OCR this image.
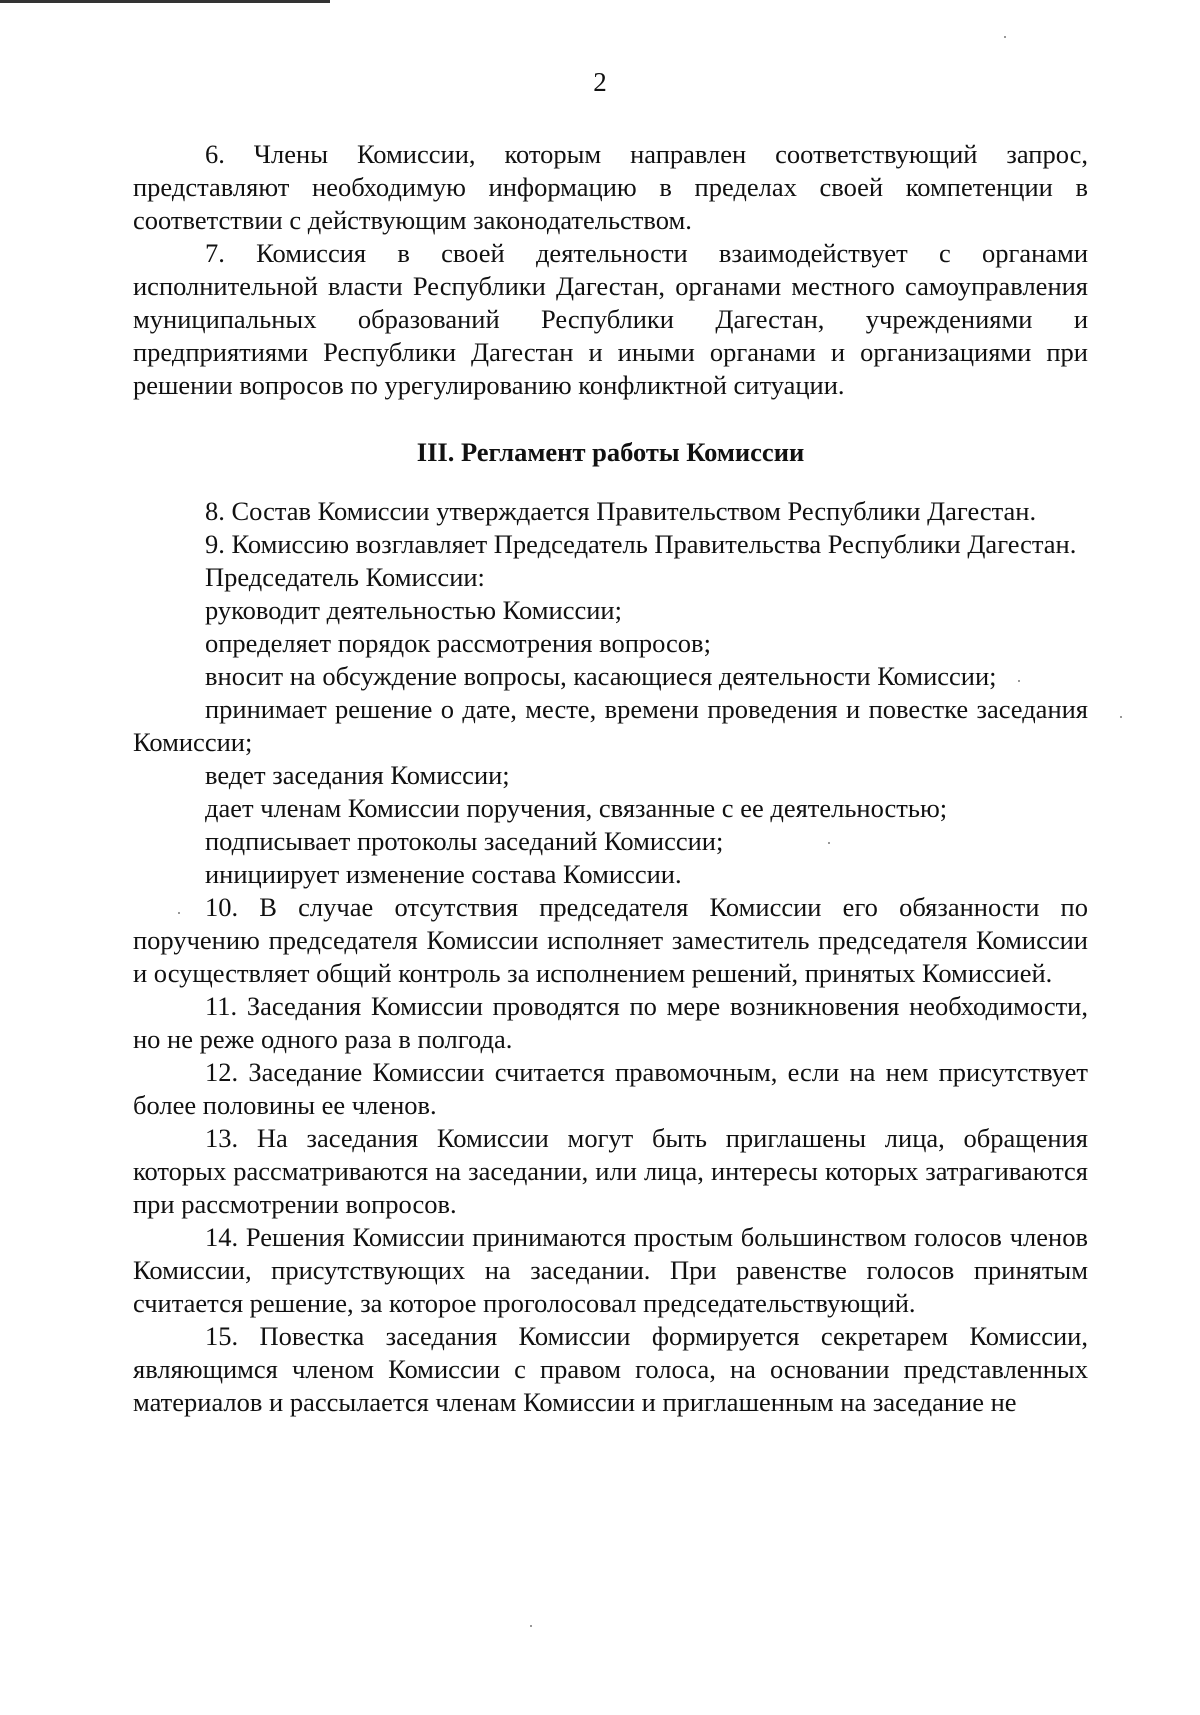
2

6. Члены Комиссии, которым направлен соответствующий запрос, представляют необходимую информацию в пределах своей компетенции в соответствии с действующим законодательством.

7. Комиссия в своей деятельности взаимодействует с органами исполнительной власти Республики Дагестан, органами местного самоуправления муниципальных образований Республики Дагестан, учреждениями и предприятиями Республики Дагестан и иными органами и организациями при решении вопросов по урегулированию конфликтной ситуации.

III. Регламент работы Комиссии

8. Состав Комиссии утверждается Правительством Республики Дагестан.

9. Комиссию возглавляет Председатель Правительства Республики Дагестан.

Председатель Комиссии:

руководит деятельностью Комиссии;

определяет порядок рассмотрения вопросов;

вносит на обсуждение вопросы, касающиеся деятельности Комиссии;

принимает решение о дате, месте, времени проведения и повестке заседания Комиссии;

ведет заседания Комиссии;

дает членам Комиссии поручения, связанные с ее деятельностью;

подписывает протоколы заседаний Комиссии;

инициирует изменение состава Комиссии.

10. В случае отсутствия председателя Комиссии его обязанности по поручению председателя Комиссии исполняет заместитель председателя Комиссии и осуществляет общий контроль за исполнением решений, принятых Комиссией.

11. Заседания Комиссии проводятся по мере возникновения необходимости, но не реже одного раза в полгода.

12. Заседание Комиссии считается правомочным, если на нем присутствует более половины ее членов.

13. На заседания Комиссии могут быть приглашены лица, обращения которых рассматриваются на заседании, или лица, интересы которых затрагиваются при рассмотрении вопросов.

14. Решения Комиссии принимаются простым большинством голосов членов Комиссии, присутствующих на заседании. При равенстве голосов принятым считается решение, за которое проголосовал председательствующий.

15. Повестка заседания Комиссии формируется секретарем Комиссии, являющимся членом Комиссии с правом голоса, на основании представленных материалов и рассылается членам Комиссии и приглашенным на заседание не
